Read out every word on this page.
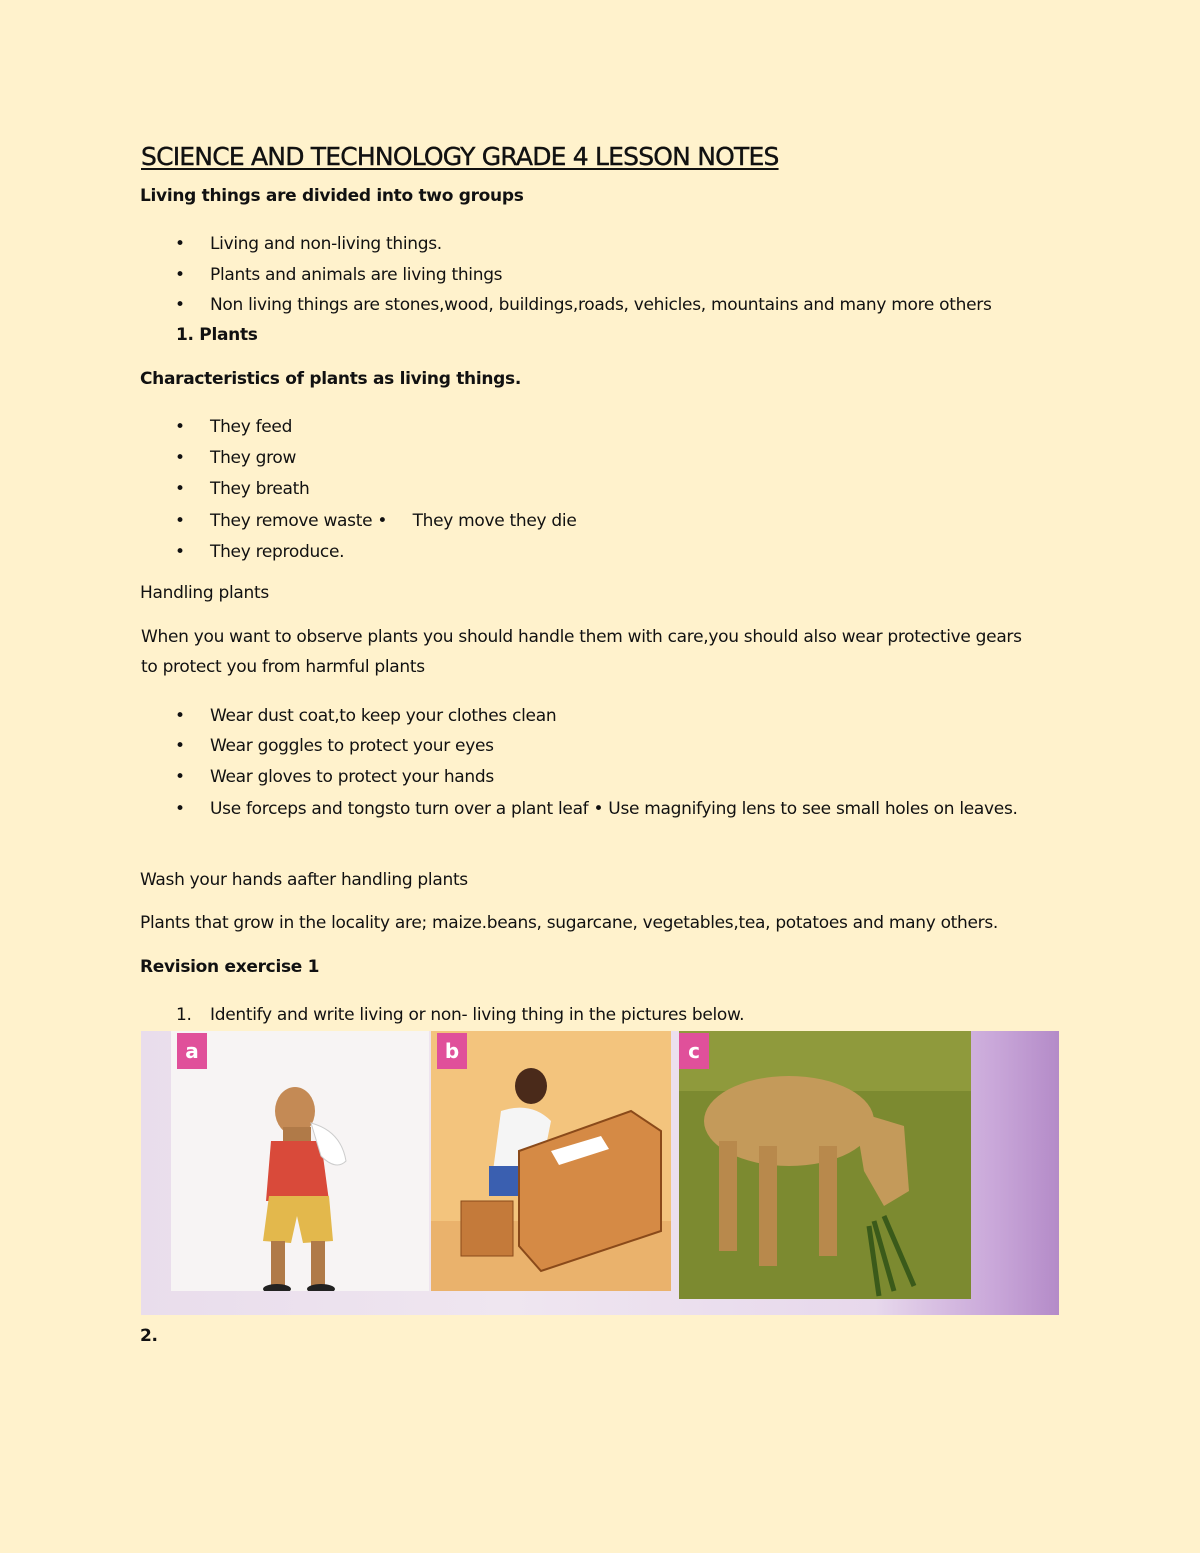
SCIENCE AND TECHNOLOGY GRADE 4 LESSON NOTES
Living things are divided into two groups
• Living and non-living things.
• Plants and animals are living things
• Non living things are stones,wood, buildings,roads, vehicles, mountains and many more others
1. Plants
Characteristics of plants as living things.
• They feed
• They grow
• They breath
• They remove waste •     They move they die
• They reproduce.
Handling plants
When you want to observe plants you should handle them with care,you should also wear protective gears to protect you from harmful plants
• Wear dust coat,to keep your clothes clean
• Wear goggles to protect your eyes
• Wear gloves to protect your hands
• Use forceps and tongsto turn over a plant leaf • Use magnifying lens to see small holes on leaves.
Wash your hands aafter handling plants
Plants that grow in the locality are; maize.beans, sugarcane, vegetables,tea, potatoes and many others.
Revision exercise 1
1. Identify and write living or non- living thing in the pictures below.
a	b	c
2.
